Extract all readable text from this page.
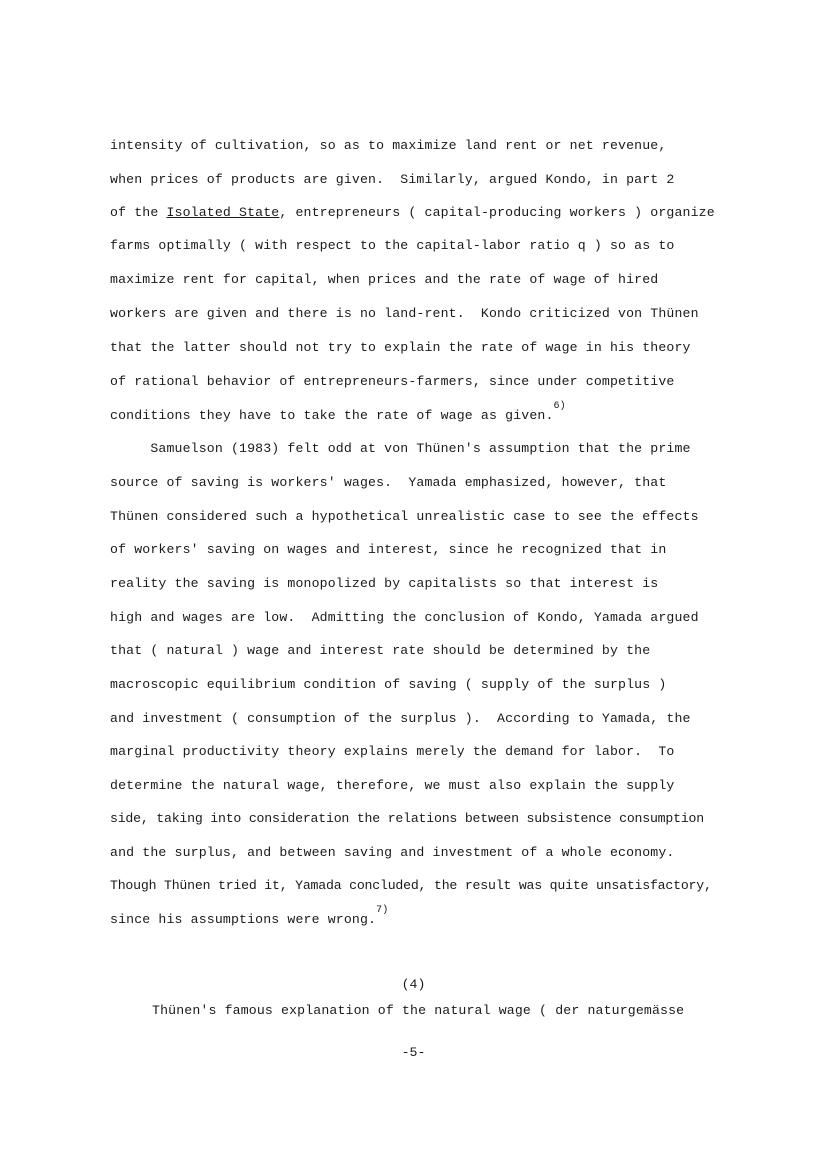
intensity of cultivation, so as to maximize land rent or net revenue,
when prices of products are given.  Similarly, argued Kondo, in part 2
of the Isolated State, entrepreneurs ( capital-producing workers ) organize
farms optimally ( with respect to the capital-labor ratio q ) so as to
maximize rent for capital, when prices and the rate of wage of hired
workers are given and there is no land-rent.  Kondo criticized von Thünen
that the latter should not try to explain the rate of wage in his theory
of rational behavior of entrepreneurs-farmers, since under competitive
conditions they have to take the rate of wage as given.$^{6)}$
Samuelson (1983) felt odd at von Thünen's assumption that the prime
source of saving is workers' wages.  Yamada emphasized, however, that
Thünen considered such a hypothetical unrealistic case to see the effects
of workers' saving on wages and interest, since he recognized that in
reality the saving is monopolized by capitalists so that interest is
high and wages are low.  Admitting the conclusion of Kondo, Yamada argued
that ( natural ) wage and interest rate should be determined by the
macroscopic equilibrium condition of saving ( supply of the surplus )
and investment ( consumption of the surplus ).  According to Yamada, the
marginal productivity theory explains merely the demand for labor.  To
determine the natural wage, therefore, we must also explain the supply
side, taking into consideration the relations between subsistence consumption
and the surplus, and between saving and investment of a whole economy.
Though Thünen tried it, Yamada concluded, the result was quite unsatisfactory,
since his assumptions were wrong.$^{7)}$
(4)
Thünen's famous explanation of the natural wage ( der naturgemässe
-5-
